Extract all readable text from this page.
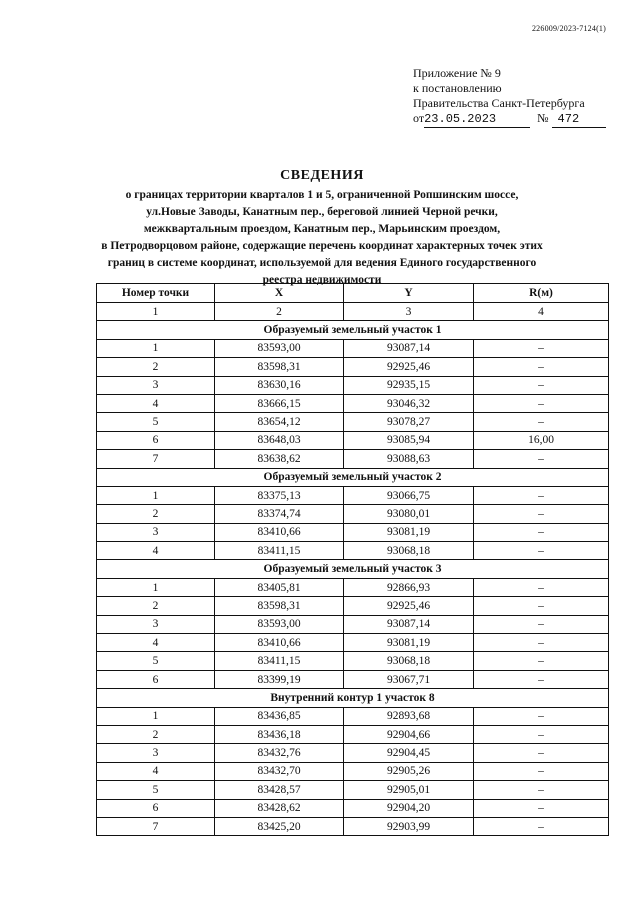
226009/2023-7124(1)
Приложение № 9
к постановлению
Правительства Санкт-Петербурга
от23.05.2023	№ 472
СВЕДЕНИЯ
о границах территории кварталов 1 и 5, ограниченной Ропшинским шоссе,
ул.Новые Заводы, Канатным пер., береговой линией Черной речки,
межквартальным проездом, Канатным пер., Марьинским проездом,
в Петродворцовом районе, содержащие перечень координат характерных точек этих
границ в системе координат, используемой для ведения Единого государственного
реестра недвижимости
Номер точки	X	Y	R(м)
1	2	3	4
Образуемый земельный участок 1			
1	83593,00	93087,14	–
2	83598,31	92925,46	–
3	83630,16	92935,15	–
4	83666,15	93046,32	–
5	83654,12	93078,27	–
6	83648,03	93085,94	16,00
7	83638,62	93088,63	–
Образуемый земельный участок 2			
1	83375,13	93066,75	–
2	83374,74	93080,01	–
3	83410,66	93081,19	–
4	83411,15	93068,18	–
Образуемый земельный участок 3			
1	83405,81	92866,93	–
2	83598,31	92925,46	–
3	83593,00	93087,14	–
4	83410,66	93081,19	–
5	83411,15	93068,18	–
6	83399,19	93067,71	–
Внутренний контур 1 участок 8			
1	83436,85	92893,68	–
2	83436,18	92904,66	–
3	83432,76	92904,45	–
4	83432,70	92905,26	–
5	83428,57	92905,01	–
6	83428,62	92904,20	–
7	83425,20	92903,99	–
